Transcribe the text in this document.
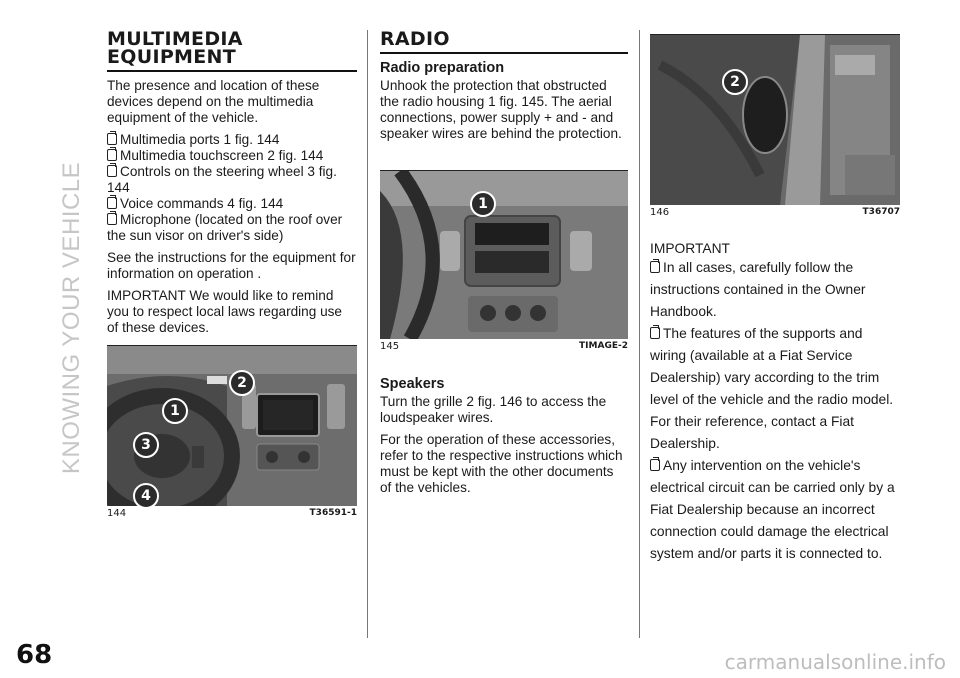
KNOWING YOUR VEHICLE
MULTIMEDIA EQUIPMENT

The presence and location of these devices depend on the multimedia equipment of the vehicle.

Multimedia ports 1 fig. 144
Multimedia touchscreen 2 fig. 144
Controls on the steering wheel 3 fig. 144
Voice commands 4 fig. 144
Microphone (located on the roof over the sun visor on driver's side)

See the instructions for the equipment for information on operation .

IMPORTANT We would like to remind you to respect local laws regarding use of these devices.

2
1
3
4
144	T36591-1
RADIO
Radio preparation

Unhook the protection that obstructed the radio housing 1 fig. 145. The aerial connections, power supply + and - and speaker wires are behind the protection.

1
145	TIMAGE-2
Speakers

Turn the grille 2 fig. 146 to access the loudspeaker wires.

For the operation of these accessories, refer to the respective instructions which must be kept with the other documents of the vehicles.

2
146	T36707
IMPORTANT
In all cases, carefully follow the instructions contained in the Owner Handbook.
The features of the supports and wiring (available at a Fiat Service Dealership) vary according to the trim level of the vehicle and the radio model. For their reference, contact a Fiat Dealership.
Any intervention on the vehicle's electrical circuit can be carried only by a Fiat Dealership because an incorrect connection could damage the electrical system and/or parts it is connected to.
68	carmanualsonline.info
